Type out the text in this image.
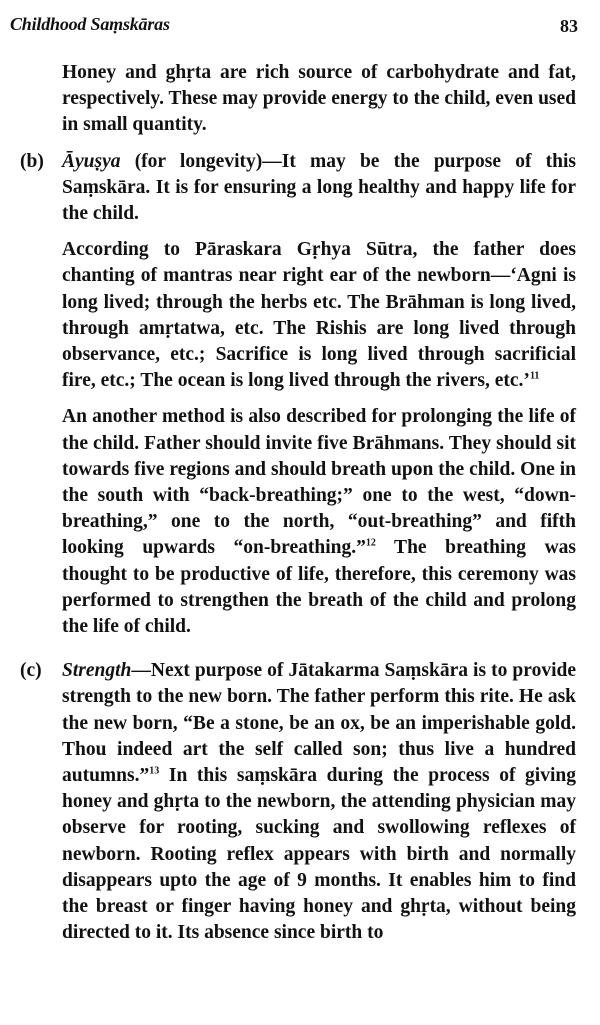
Childhood Saṃskāras	83

Honey and ghṛta are rich source of carbohydrate and fat, respectively. These may provide energy to the child, even used in small quantity.

(b) Āyuṣya (for longevity)—It may be the purpose of this Saṃskāra. It is for ensuring a long healthy and happy life for the child.

According to Pāraskara Gṛhya Sūtra, the father does chanting of mantras near right ear of the newborn—‘Agni is long lived; through the herbs etc. The Brāhman is long lived, through amṛtatwa, etc. The Rishis are long lived through observance, etc.; Sacrifice is long lived through sacrificial fire, etc.; The ocean is long lived through the rivers, etc.’$^{11}$

An another method is also described for prolonging the life of the child. Father should invite five Brāhmans. They should sit towards five regions and should breath upon the child. One in the south with “back-breathing;” one to the west, “down-breathing,” one to the north, “out-breathing” and fifth looking upwards “on-breathing.”$^{12}$ The breathing was thought to be productive of life, therefore, this ceremony was performed to strengthen the breath of the child and prolong the life of child.

(c) Strength—Next purpose of Jātakarma Saṃskāra is to provide strength to the new born. The father perform this rite. He ask the new born, “Be a stone, be an ox, be an imperishable gold. Thou indeed art the self called son; thus live a hundred autumns.”$^{13}$ In this saṃskāra during the process of giving honey and ghṛta to the newborn, the attending physician may observe for rooting, sucking and swollowing reflexes of newborn. Rooting reflex appears with birth and normally disappears upto the age of 9 months. It enables him to find the breast or finger having honey and ghṛta, without being directed to it. Its absence since birth to
